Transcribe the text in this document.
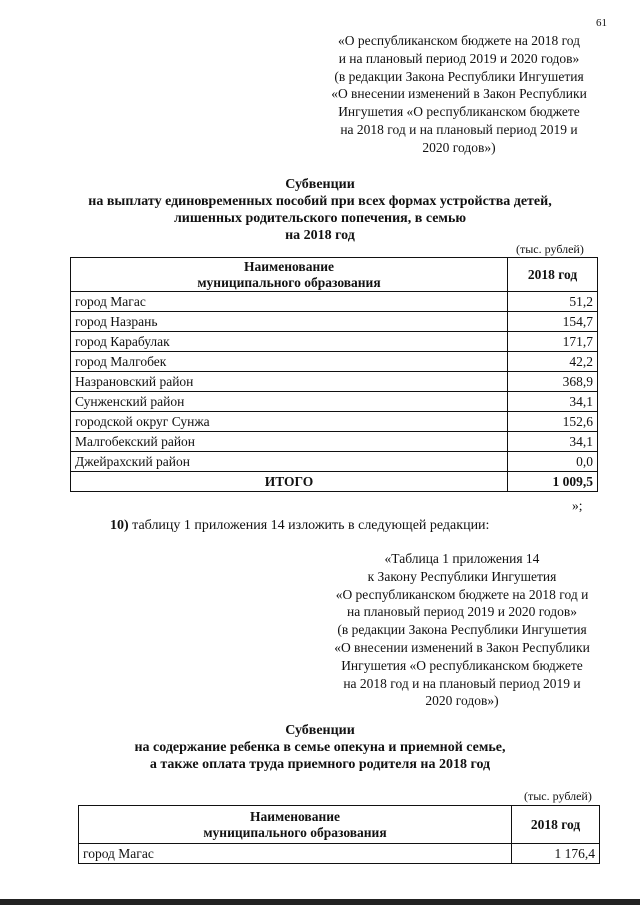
61
«О республиканском бюджете на 2018 год
и на плановый период 2019 и 2020 годов»
(в редакции Закона Республики Ингушетия
«О внесении изменений в Закон Республики
Ингушетия «О республиканском бюджете
на 2018 год и на плановый период 2019 и
2020 годов»)
Субвенции
на выплату единовременных пособий при всех формах устройства детей,
лишенных родительского попечения, в семью
на 2018 год
(тыс. рублей)
Наименование
муниципального образования	2018 год
город Магас	51,2
город Назрань	154,7
город Карабулак	171,7
город Малгобек	42,2
Назрановский район	368,9
Сунженский район	34,1
городской округ Сунжа	152,6
Малгобекский район	34,1
Джейрахский район	0,0
ИТОГО	1 009,5
»;
10) таблицу 1 приложения 14 изложить в следующей редакции:
«Таблица 1 приложения 14
к Закону Республики Ингушетия
«О республиканском бюджете на 2018 год и
на плановый период 2019 и 2020 годов»
(в редакции Закона Республики Ингушетия
«О внесении изменений в Закон Республики
Ингушетия «О республиканском бюджете
на 2018 год и на плановый период 2019 и
2020 годов»)
Субвенции
на содержание ребенка в семье опекуна и приемной семье,
а также оплата труда приемного родителя на 2018 год
(тыс. рублей)
Наименование
муниципального образования	2018 год
город Магас	1 176,4
